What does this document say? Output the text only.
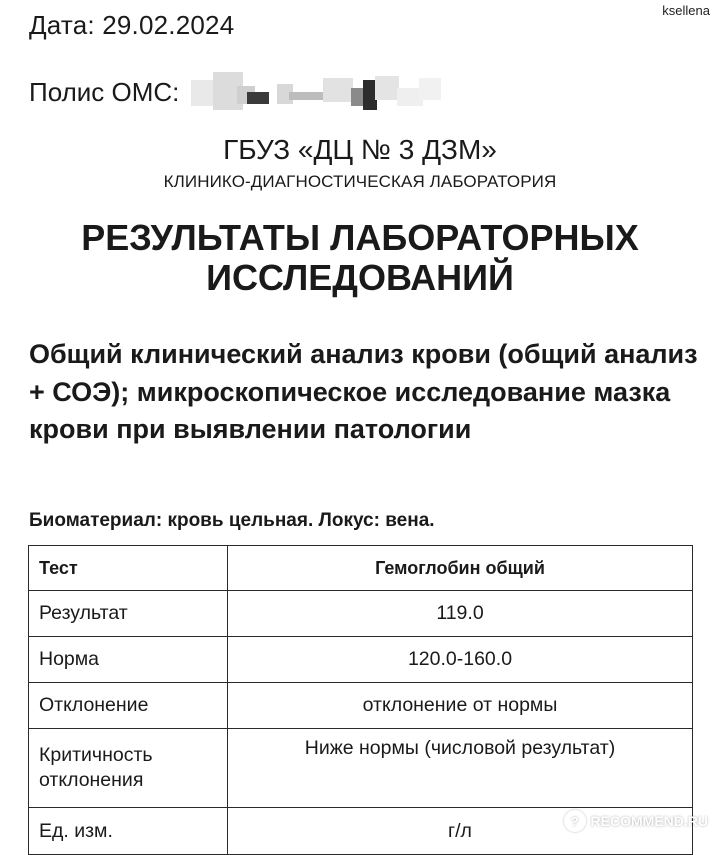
ksellena
Дата: 29.02.2024
Полис ОМС:
ГБУЗ «ДЦ № 3 ДЗМ»
КЛИНИКО-ДИАГНОСТИЧЕСКАЯ ЛАБОРАТОРИЯ
РЕЗУЛЬТАТЫ ЛАБОРАТОРНЫХ
ИССЛЕДОВАНИЙ
Общий клинический анализ крови (общий анализ + СОЭ); микроскопическое исследование мазка крови при выявлении патологии
Биоматериал: кровь цельная. Локус: вена.
Тест	Гемоглобин общий
Результат	119.0
Норма	120.0-160.0
Отклонение	отклонение от нормы
Критичность отклонения	Ниже нормы (числовой результат)
Ед. изм.	г/л	? RECOMMEND.RU
